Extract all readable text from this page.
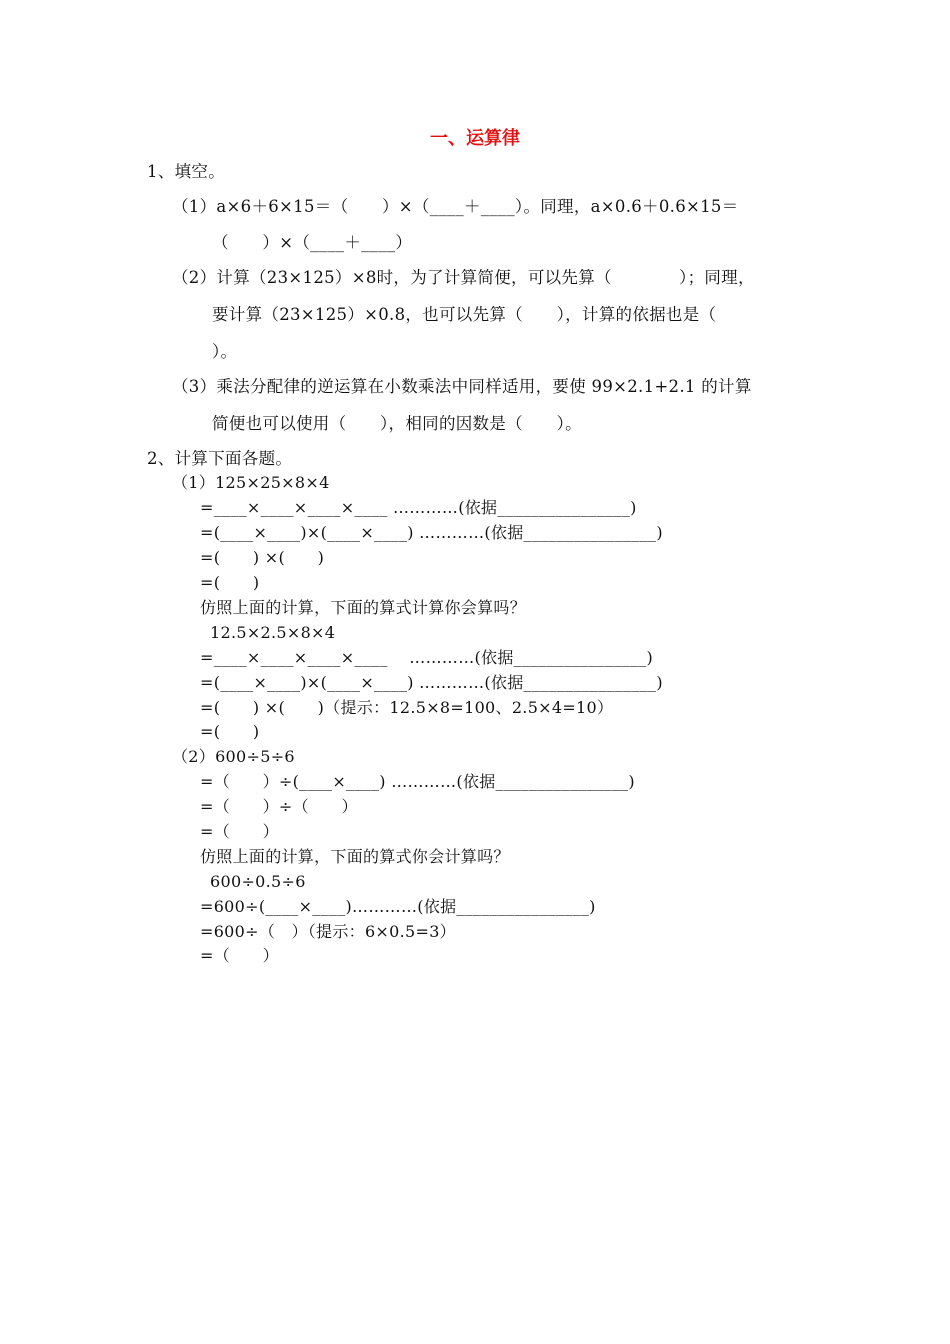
一、运算律
1、填空。
（1）a×6＋6×15＝（　　）×（____＋____）。同理，a×0.6＋0.6×15＝
（　　）×（____＋____）
（2）计算（23×125）×8时，为了计算简便，可以先算（　　　　）；同理，
要计算（23×125）×0.8，也可以先算（　　），计算的依据也是（
）。
（3）乘法分配律的逆运算在小数乘法中同样适用，要使 99×2.1+2.1 的计算
简便也可以使用（　　），相同的因数是（　　）。
2、计算下面各题。
（1）125×25×8×4
=____×____×____×____ …………(依据________________)
=(____×____)×(____×____) …………(依据________________)
=(　　) ×(　　)
=(　　)
仿照上面的计算，下面的算式计算你会算吗？
12.5×2.5×8×4
=____×____×____×____　 …………(依据________________)
=(____×____)×(____×____) …………(依据________________)
=(　　) ×(　　)（提示：12.5×8=100、2.5×4=10）
=(　　)
（2）600÷5÷6
=（　　）÷(____×____) …………(依据________________)
=（　　）÷（　　）
=（　　）
仿照上面的计算，下面的算式你会计算吗？
600÷0.5÷6
=600÷(____×____)…………(依据________________)
=600÷（　）（提示：6×0.5=3）
=（　　）
